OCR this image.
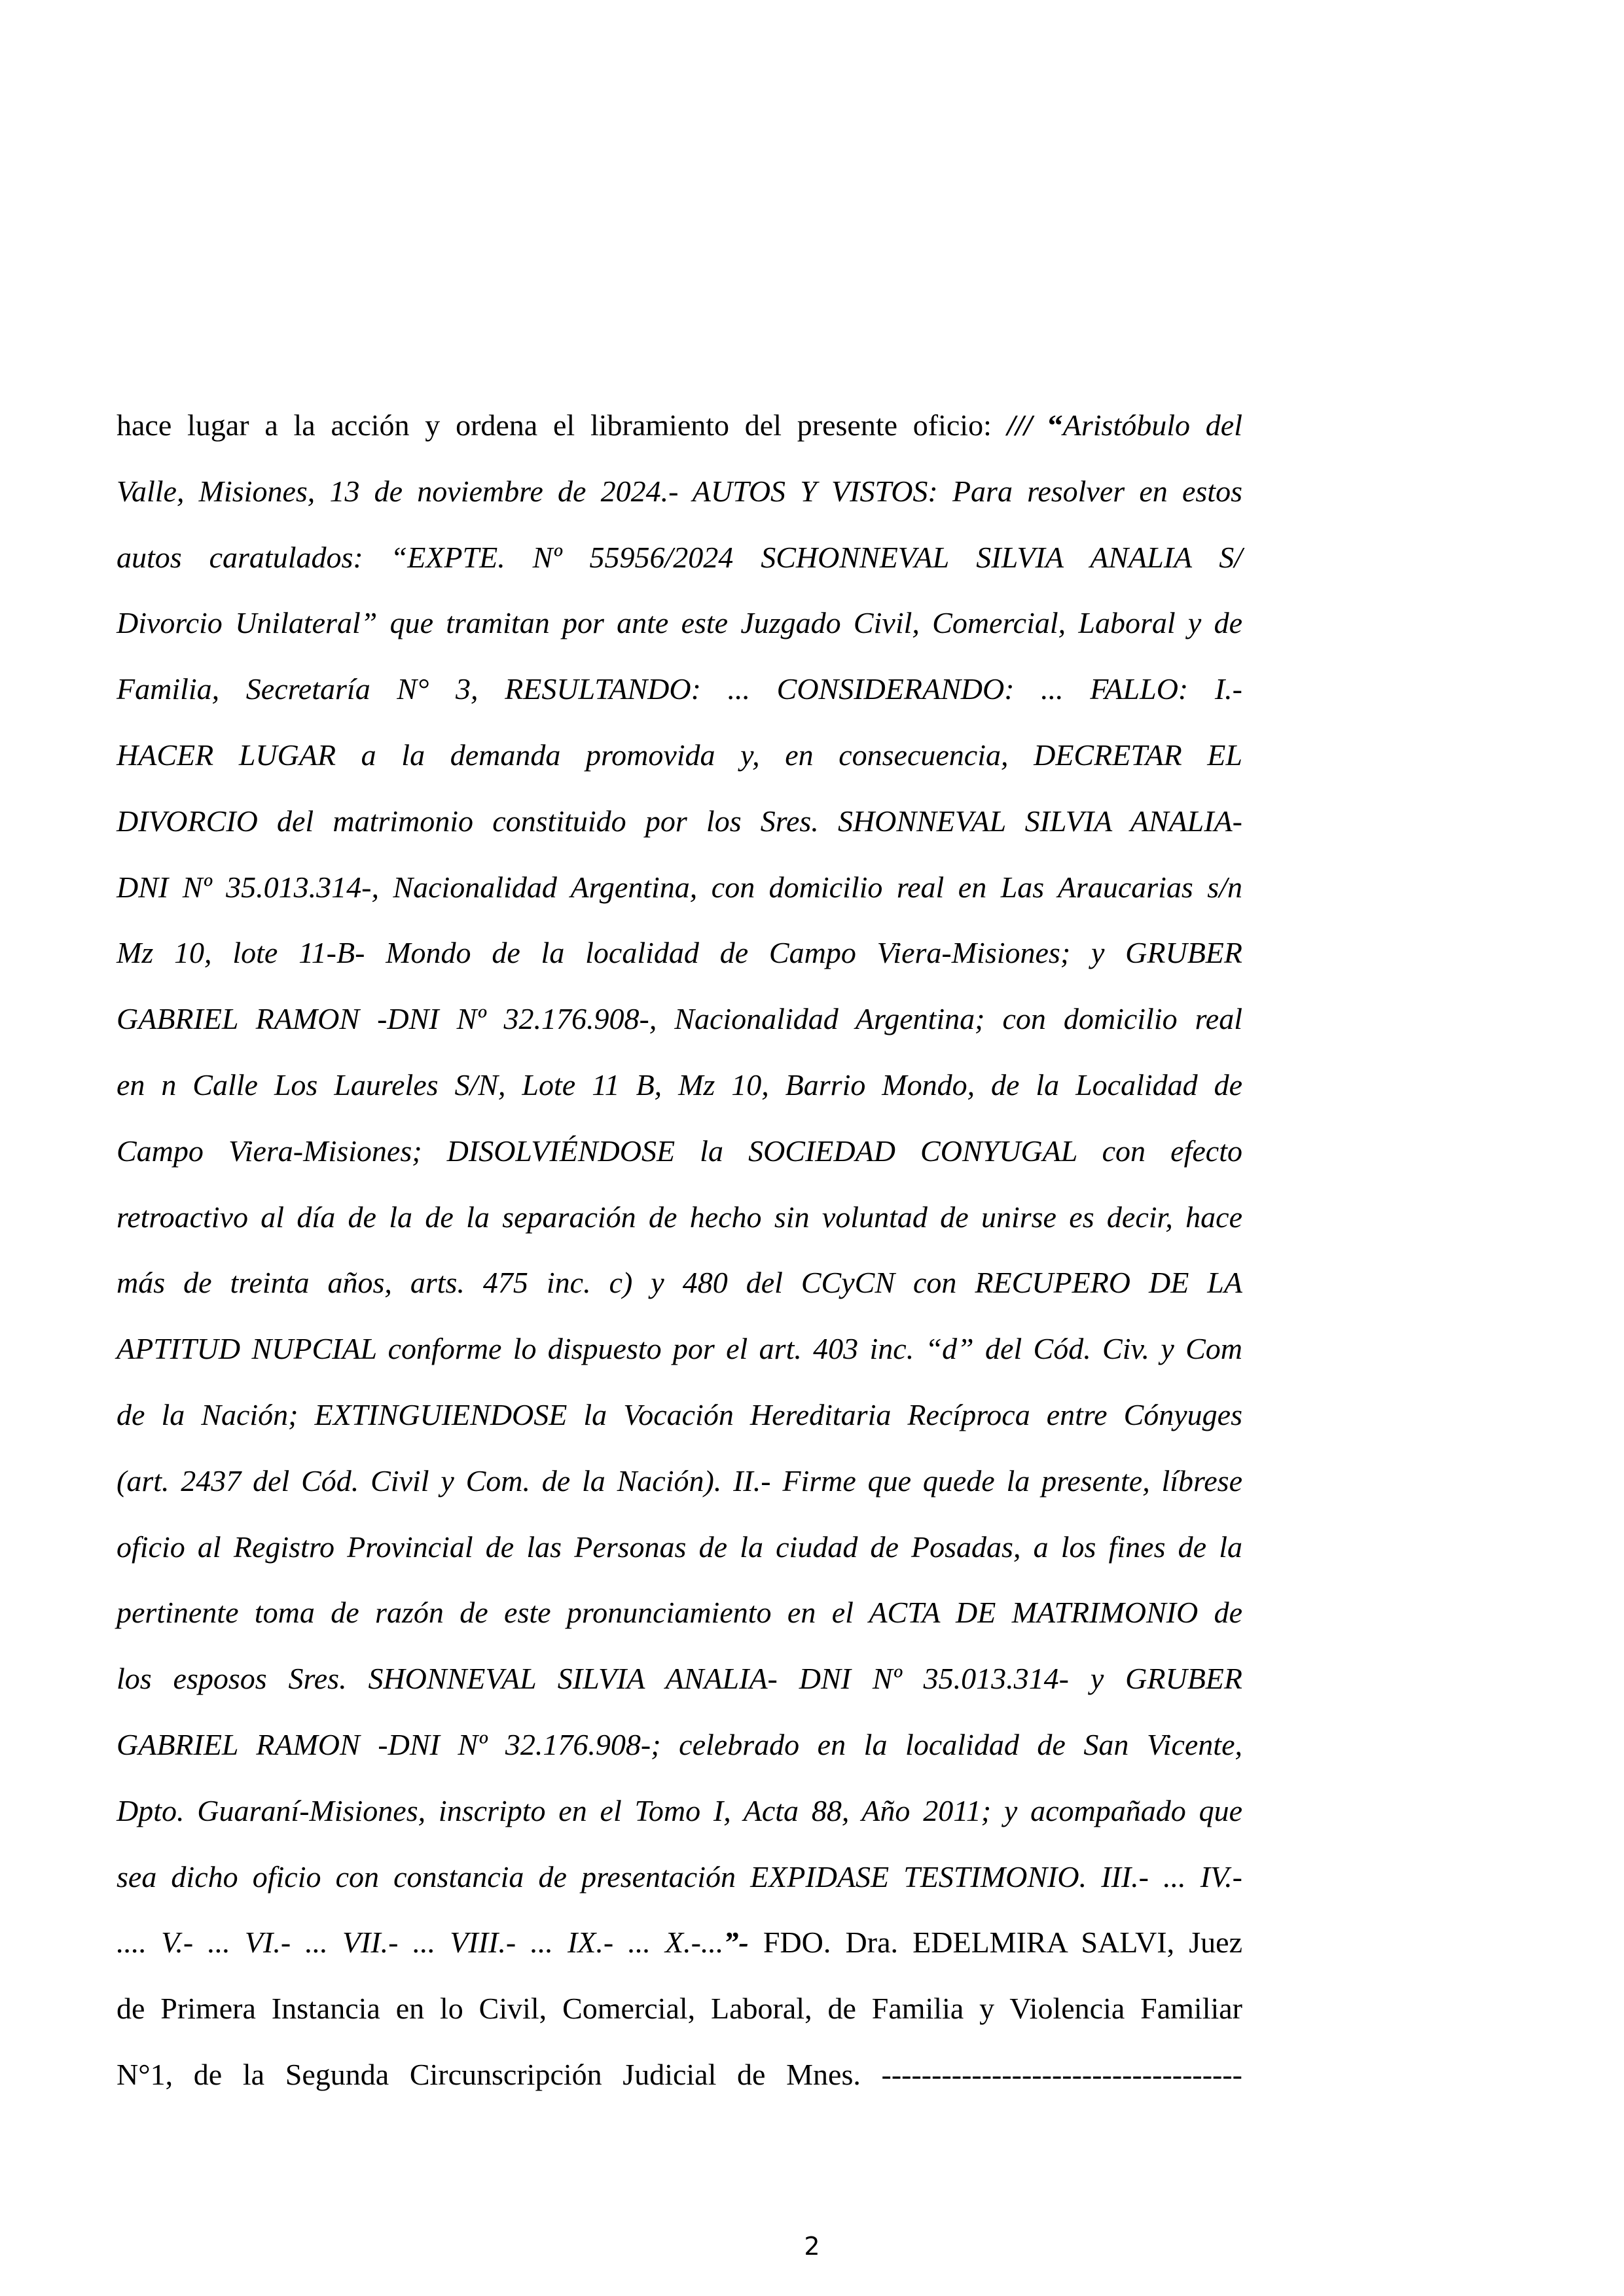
hace lugar a la acción y ordena el libramiento del presente oficio: /// “Aristóbulo del
Valle, Misiones, 13 de noviembre de 2024.- AUTOS Y VISTOS: Para resolver en estos
autos caratulados: “EXPTE. Nº 55956/2024 SCHONNEVAL SILVIA ANALIA S/
Divorcio Unilateral” que tramitan por ante este Juzgado Civil, Comercial, Laboral y de
Familia, Secretaría N° 3, RESULTANDO: ... CONSIDERANDO: ... FALLO: I.-
HACER LUGAR a la demanda promovida y, en consecuencia, DECRETAR EL
DIVORCIO del matrimonio constituido por los Sres. SHONNEVAL SILVIA ANALIA-
DNI Nº 35.013.314-, Nacionalidad Argentina, con domicilio real en Las Araucarias s/n
Mz 10, lote 11-B- Mondo de la localidad de Campo Viera-Misiones; y GRUBER
GABRIEL RAMON -DNI Nº 32.176.908-, Nacionalidad Argentina; con domicilio real
en n Calle Los Laureles S/N, Lote 11 B, Mz 10, Barrio Mondo, de la Localidad de
Campo Viera-Misiones; DISOLVIÉNDOSE la SOCIEDAD CONYUGAL con efecto
retroactivo al día de la de la separación de hecho sin voluntad de unirse es decir, hace
más de treinta años, arts. 475 inc. c) y 480 del CCyCN con RECUPERO DE LA
APTITUD NUPCIAL conforme lo dispuesto por el art. 403 inc. “d” del Cód. Civ. y Com
de la Nación; EXTINGUIENDOSE la Vocación Hereditaria Recíproca entre Cónyuges
(art. 2437 del Cód. Civil y Com. de la Nación). II.- Firme que quede la presente, líbrese
oficio al Registro Provincial de las Personas de la ciudad de Posadas, a los fines de la
pertinente toma de razón de este pronunciamiento en el ACTA DE MATRIMONIO de
los esposos Sres. SHONNEVAL SILVIA ANALIA- DNI Nº 35.013.314- y GRUBER
GABRIEL RAMON -DNI Nº 32.176.908-; celebrado en la localidad de San Vicente,
Dpto. Guaraní-Misiones, inscripto en el Tomo I, Acta 88, Año 2011; y acompañado que
sea dicho oficio con constancia de presentación EXPIDASE TESTIMONIO. III.- ... IV.-
.... V.- ... VI.- ... VII.- ... VIII.- ... IX.- ... X.-...”- FDO. Dra. EDELMIRA SALVI, Juez
de Primera Instancia en lo Civil, Comercial, Laboral, de Familia y Violencia Familiar
N°1, de la Segunda Circunscripción Judicial de Mnes. ------------------------------------
2
